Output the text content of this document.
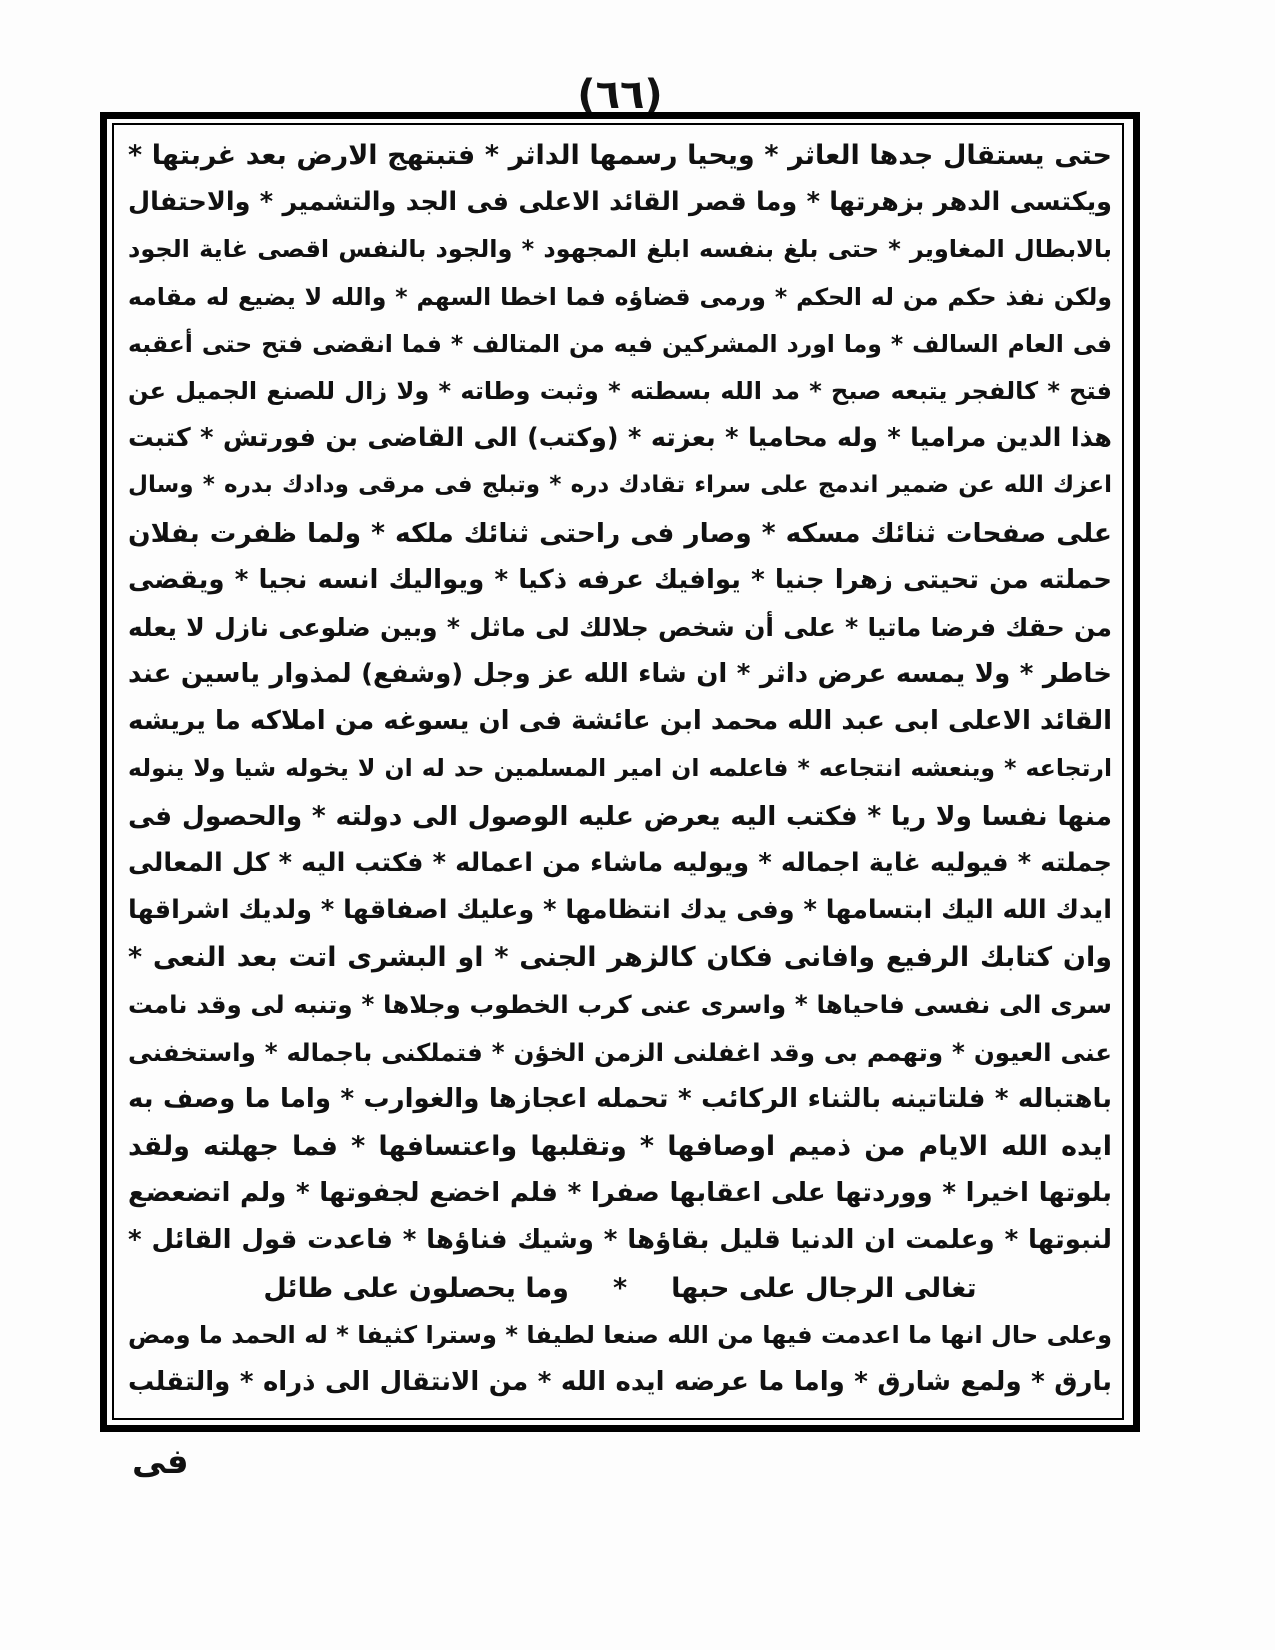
(٦٦)
حتى يستقال جدها العاثر * ويحيا رسمها الداثر * فتبتهج الارض بعد غربتها *
ويكتسى الدهر بزهرتها * وما قصر القائد الاعلى فى الجد والتشمير * والاحتفال
بالابطال المغاوير * حتى بلغ بنفسه ابلغ المجهود * والجود بالنفس اقصى غاية الجود
ولكن نفذ حكم من له الحكم * ورمى قضاؤه فما اخطا السهم * والله لا يضيع له مقامه
فى العام السالف * وما اورد المشركين فيه من المتالف * فما انقضى فتح حتى أعقبه
فتح * كالفجر يتبعه صبح * مد الله بسطته * وثبت وطاته * ولا زال للصنع الجميل عن
هذا الدين مراميا * وله محاميا * بعزته * (وكتب) الى القاضى بن فورتش * كتبت
اعزك الله عن ضمير اندمج على سراء تقادك دره * وتبلج فى مرقى ودادك بدره * وسال
على صفحات ثنائك مسكه * وصار فى راحتى ثنائك ملكه * ولما ظفرت بفلان
حملته من تحيتى زهرا جنيا * يوافيك عرفه ذكيا * ويواليك انسه نجيا * ويقضى
من حقك فرضا ماتيا * على أن شخص جلالك لى ماثل * وبين ضلوعى نازل لا يعله
خاطر * ولا يمسه عرض داثر * ان شاء الله عز وجل (وشفع) لمذوار ياسين عند
القائد الاعلى ابى عبد الله محمد ابن عائشة فى ان يسوغه من املاكه ما يريشه
ارتجاعه * وينعشه انتجاعه * فاعلمه ان امير المسلمين حد له ان لا يخوله شيا ولا ينوله
منها نفسا ولا ريا * فكتب اليه يعرض عليه الوصول الى دولته * والحصول فى
جملته * فيوليه غاية اجماله * ويوليه ماشاء من اعماله * فكتب اليه * كل المعالى
ايدك الله اليك ابتسامها * وفى يدك انتظامها * وعليك اصفاقها * ولديك اشراقها
وان كتابك الرفيع وافانى فكان كالزهر الجنى * او البشرى اتت بعد النعى *
سرى الى نفسى فاحياها * واسرى عنى كرب الخطوب وجلاها * وتنبه لى وقد نامت
عنى العيون * وتهمم بى وقد اغفلنى الزمن الخؤن * فتملكنى باجماله * واستخفنى
باهتباله * فلتاتينه بالثناء الركائب * تحمله اعجازها والغوارب * واما ما وصف به
ايده الله الايام من ذميم اوصافها * وتقلبها واعتسافها * فما جهلته ولقد
بلوتها اخيرا * ووردتها على اعقابها صفرا * فلم اخضع لجفوتها * ولم اتضعضع
لنبوتها * وعلمت ان الدنيا قليل بقاؤها * وشيك فناؤها * فاعدت قول القائل *
تغالى الرجال على حبها
*
وما يحصلون على طائل
وعلى حال انها ما اعدمت فيها من الله صنعا لطيفا * وسترا كثيفا * له الحمد ما ومض
بارق * ولمع شارق * واما ما عرضه ايده الله * من الانتقال الى ذراه * والتقلب
فى
